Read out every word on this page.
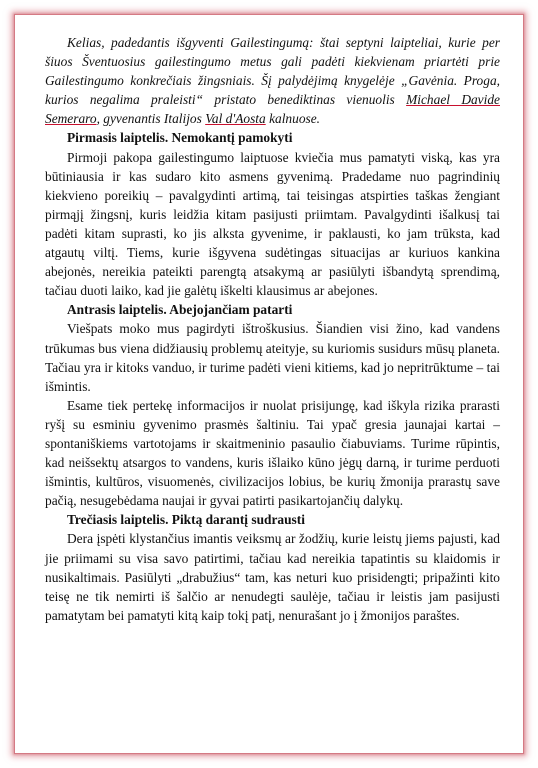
Kelias, padedantis išgyventi Gailestingumą: štai septyni laipteliai, kurie per šiuos Šventuosius gailestingumo metus gali padėti kiekvienam priartėti prie Gailestingumo konkrečiais žingsniais. Šį palydėjimą knygelėje „Gavėnia. Proga, kurios negalima praleisti“ pristato benediktinas vienuolis Michael Davide Semeraro, gyvenantis Italijos Val d'Aosta kalnuose.

Pirmasis laiptelis. Nemokantį pamokyti

Pirmoji pakopa gailestingumo laiptuose kviečia mus pamatyti viską, kas yra būtiniausia ir kas sudaro kito asmens gyvenimą. Pradedame nuo pagrindinių kiekvieno poreikių – pavalgydinti artimą, tai teisingas atspirties taškas žengiant pirmąjį žingsnį, kuris leidžia kitam pasijusti priimtam. Pavalgydinti išalkusį tai padėti kitam suprasti, ko jis alksta gyvenime, ir paklausti, ko jam trūksta, kad atgautų viltį. Tiems, kurie išgyvena sudėtingas situacijas ar kuriuos kankina abejonės, nereikia pateikti parengtą atsakymą ar pasiūlyti išbandytą sprendimą, tačiau duoti laiko, kad jie galėtų iškelti klausimus ar abejones.

Antrasis laiptelis. Abejojančiam patarti

Viešpats moko mus pagirdyti ištroškusius. Šiandien visi žino, kad vandens trūkumas bus viena didžiausių problemų ateityje, su kuriomis susidurs mūsų planeta. Tačiau yra ir kitoks vanduo, ir turime padėti vieni kitiems, kad jo nepritrūktume – tai išmintis.

Esame tiek pertekę informacijos ir nuolat prisijungę, kad iškyla rizika prarasti ryšį su esminiu gyvenimo prasmės šaltiniu. Tai ypač gresia jaunajai kartai – spontaniškiems vartotojams ir skaitmeninio pasaulio čiabuviams. Turime rūpintis, kad neišsektų atsargos to vandens, kuris išlaiko kūno jėgų darną, ir turime perduoti išmintis, kultūros, visuomenės, civilizacijos lobius, be kurių žmonija prarastų save pačią, nesugebėdama naujai ir gyvai patirti pasikartojančių dalykų.

Trečiasis laiptelis. Piktą darantį sudrausti

Dera įspėti klystančius imantis veiksmų ar žodžių, kurie leistų jiems pajusti, kad jie priimami su visa savo patirtimi, tačiau kad nereikia tapatintis su klaidomis ir nusikaltimais. Pasiūlyti „drabužius“ tam, kas neturi kuo prisidengti; pripažinti kito teisę ne tik nemirti iš šalčio ar nenudegti saulėje, tačiau ir leistis jam pasijusti pamatytam bei pamatyti kitą kaip tokį patį, nenurašant jo į žmonijos paraštes.
